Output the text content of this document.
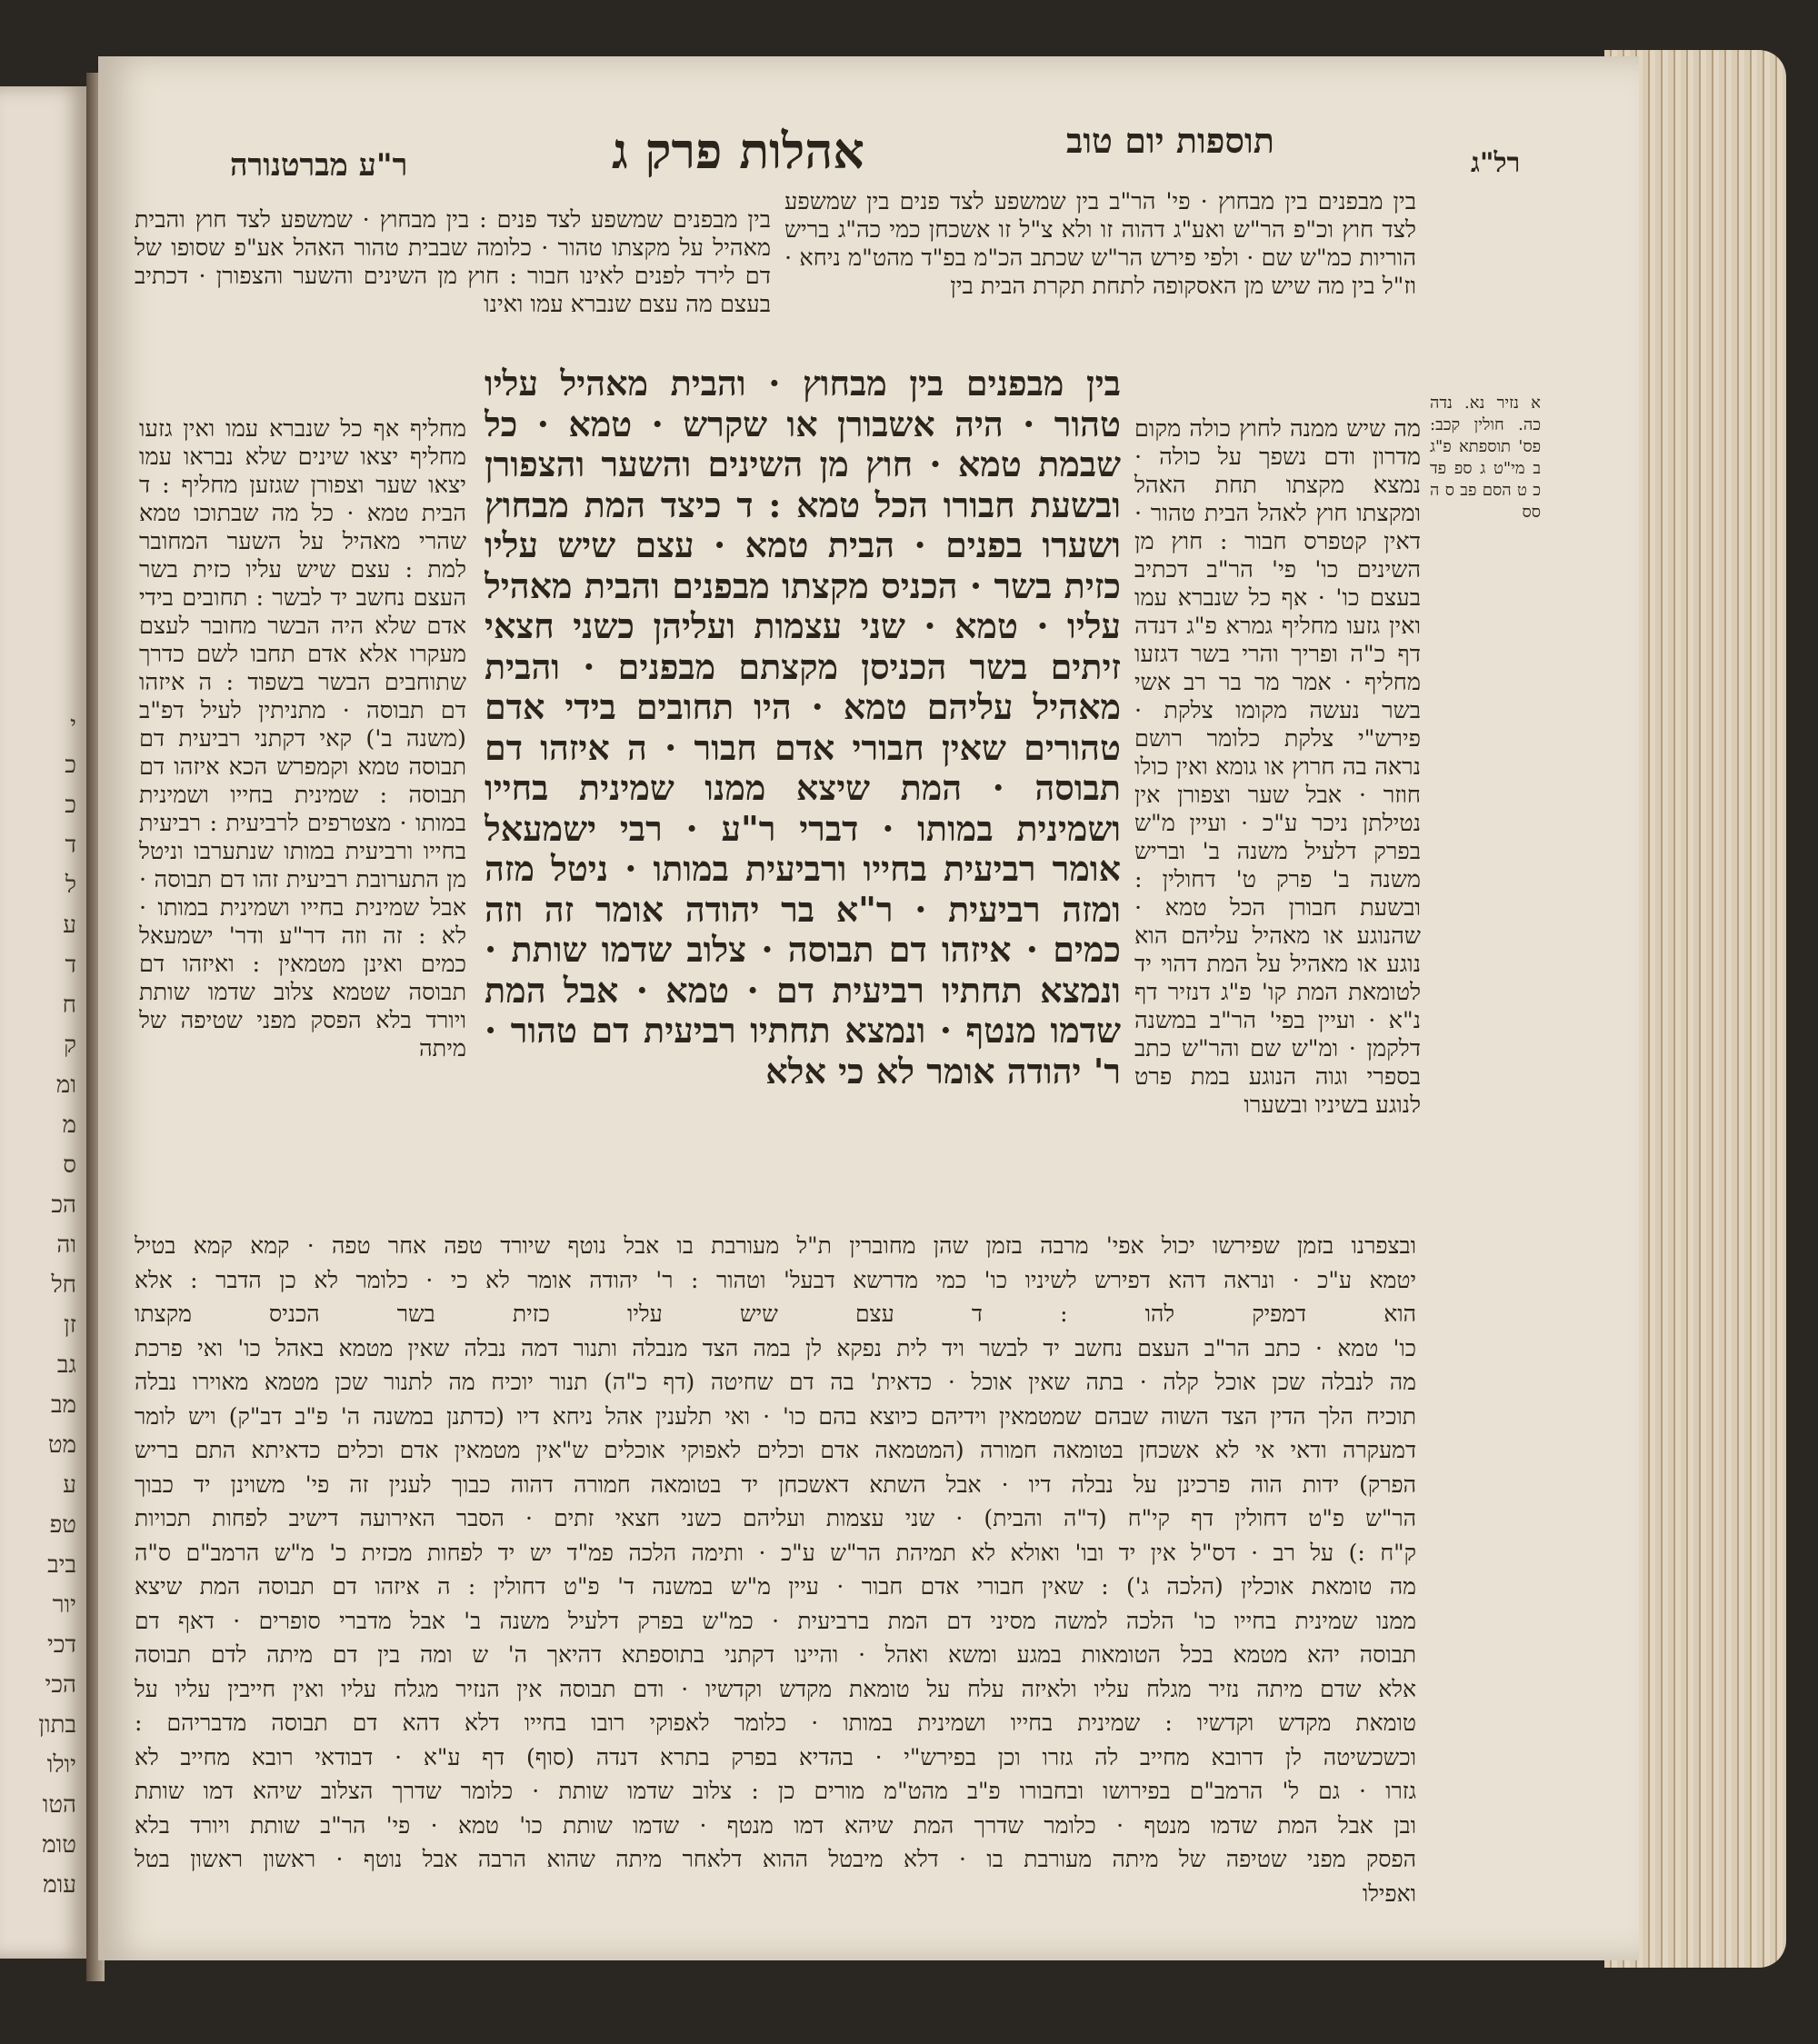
י
כ
כ
ד
ל
ע
ד
ח
ק
ומ
מ
ס
הכ
וה
חל
זן
גב
מב
מט
ע
טפ
ביב
יור
דכי
הכי
בתון
יולו
הטו
טומ
עומ
רל"ג
תוספות יום טוב
אהלות פרק ג
ר"ע מברטנורה
א נזיר נא. נדה כה. חולין קכב: פס' תוספתא פ"ג ב מי"ט ג ספ פד כ ט הסם פב ס ה סס
בין מבפנים שמשפע לצד פנים : בין מבחוץ · שמשפע לצד חוץ והבית מאהיל על מקצתו טהור · כלומה שבבית טהור האהל אע"פ שסופו של דם לירד לפנים לאינו חבור : חוץ מן השינים והשער והצפורן · דכתיב בעצם מה עצם שנברא עמו ואינו
בין מבפנים בין מבחוץ · פי' הר"ב בין שמשפע לצד פנים בין שמשפע לצד חוץ וכ"פ הר"ש ואע"ג דהוה זו ולא צ"ל זו אשכחן כמי כה"ג בריש הוריות כמ"ש שם · ולפי פירש הר"ש שכתב הכ"מ בפ"ד מהט"מ ניחא · וז"ל בין מה שיש מן האסקופה לתחת תקרת הבית בין
בין מבפנים בין מבחוץ · והבית מאהיל עליו טהור · היה אשבורן או שקרש · טמא · כל שבמת טמא · חוץ מן השינים והשער והצפורן ובשעת חבורו הכל טמא : ד כיצד המת מבחוץ ושערו בפנים · הבית טמא · עצם שיש עליו כזית בשר · הכניס מקצתו מבפנים והבית מאהיל עליו · טמא · שני עצמות ועליהן כשני חצאי זיתים בשר הכניסן מקצתם מבפנים · והבית מאהיל עליהם טמא · היו תחובים בידי אדם טהורים שאין חבורי אדם חבור · ה איזהו דם תבוסה · המת שיצא ממנו שמינית בחייו ושמינית במותו · דברי ר"ע · רבי ישמעאל אומר רביעית בחייו ורביעית במותו · ניטל מזה ומזה רביעית · ר"א בר יהודה אומר זה וזה כמים · איזהו דם תבוסה · צלוב שדמו שותת · ונמצא תחתיו רביעית דם · טמא · אבל המת שדמו מנטף · ונמצא תחתיו רביעית דם טהור · ר' יהודה אומר לא כי אלא
מחליף אף כל שנברא עמו ואין גזעו מחליף יצאו שינים שלא נבראו עמו יצאו שער וצפורן שגזען מחליף : ד הבית טמא · כל מה שבתוכו טמא שהרי מאהיל על השער המחובר למת : עצם שיש עליו כזית בשר העצם נחשב יד לבשר : תחובים בידי אדם שלא היה הבשר מחובר לעצם מעקרו אלא אדם תחבו לשם כדרך שתוחבים הבשר בשפוד : ה איזהו דם תבוסה · מתניתין לעיל דפ"ב (משנה ב') קאי דקתני רביעית דם תבוסה טמא וקמפרש הכא איזהו דם תבוסה : שמינית בחייו ושמינית במותו · מצטרפים לרביעית : רביעית בחייו ורביעית במותו שנתערבו וניטל מן התערובת רביעית זהו דם תבוסה · אבל שמינית בחייו ושמינית במותו · לא : זה וזה דר"ע ודר' ישמעאל כמים ואינן מטמאין : ואיזהו דם תבוסה שטמא צלוב שדמו שותת ויורד בלא הפסק מפני שטיפה של מיתה
מה שיש ממנה לחוץ כולה מקום מדרון ודם נשפך על כולה · נמצא מקצתו תחת האהל ומקצתו חוץ לאהל הבית טהור · דאין קטפרס חבור : חוץ מן השינים כו' פי' הר"ב דכתיב בעצם כו' · אף כל שנברא עמו ואין גזעו מחליף גמרא פ"ג דנדה דף כ"ה ופריך והרי בשר דגזעו מחליף · אמר מר בר רב אשי בשר נעשה מקומו צלקת · פירש"י צלקת כלומר רושם נראה בה חרוץ או גומא ואין כולו חוזר · אבל שער וצפורן אין נטילתן ניכר ע"כ · ועיין מ"ש בפרק דלעיל משנה ב' ובריש משנה ב' פרק ט' דחולין : ובשעת חבורן הכל טמא · שהנוגע או מאהיל עליהם הוא נוגע או מאהיל על המת דהוי יד לטומאת המת קו' פ"ג דנזיר דף נ"א · ועיין בפי' הר"ב במשנה דלקמן · ומ"ש שם והר"ש כתב בספרי וגוה הנוגע במת פרט לנוגע בשיניו ובשערו
ובצפרנו בזמן שפירשו יכול אפי' מרבה בזמן שהן מחוברין ת"ל מעורבת בו אבל נוטף שיורד טפה אחר טפה · קמא קמא בטיל
יטמא ע"כ · ונראה דהא דפירש לשיניו כו' כמי מדרשא דבעל' וטהור : ר' יהודה אומר לא כי · כלומר לא כן הדבר : אלא
הוא דמפיק להו : ד עצם שיש עליו כזית בשר הכניס מקצתו
כו' טמא · כתב הר"ב העצם נחשב יד לבשר ויד לית נפקא לן במה הצד מנבלה ותנור דמה נבלה שאין מטמא באהל כו' ואי פרכת
מה לנבלה שכן אוכל קלה · בתה שאין אוכל · כדאית' בה דם שחיטה (דף כ"ה) תנור יוכיח מה לתנור שכן מטמא מאוירו נבלה
תוכיח הלך הדין הצד השוה שבהם שמטמאין וידיהם כיוצא בהם כו' · ואי תלענין אהל ניחא דיו (כדתנן במשנה ה' פ"ב דב"ק) ויש לומר
דמעקרה ודאי אי לא אשכחן בטומאה חמורה (המטמאה אדם וכלים לאפוקי אוכלים ש"אין מטמאין אדם וכלים כדאיתא התם בריש
הפרק) ידות הוה פרכינן על נבלה דיו · אבל השתא דאשכחן יד בטומאה חמורה דהוה כבוך לענין זה פי' משוינן יד כבוך
הר"ש פ"ט דחולין דף קי"ח (ד"ה והבית) · שני עצמות ועליהם כשני חצאי זתים · הסבר האירועה דישיב לפחות תכויות
ק"ח :) על רב · דס"ל אין יד ובו' ואולא לא תמיהת הר"ש ע"כ · ותימה הלכה פמ"ד יש יד לפחות מכזית כ' מ"ש הרמב"ם ס"ה
מה טומאת אוכלין (הלכה ג') : שאין חבורי אדם חבור · עיין מ"ש במשנה ד' פ"ט דחולין : ה איזהו דם תבוסה המת שיצא
ממנו שמינית בחייו כו' הלכה למשה מסיני דם המת ברביעית · כמ"ש בפרק דלעיל משנה ב' אבל מדברי סופרים · דאף דם
תבוסה יהא מטמא בכל הטומאות במגע ומשא ואהל · והיינו דקתני בתוספתא דהיאך ה' ש ומה בין דם מיתה לדם תבוסה
אלא שדם מיתה נזיר מגלח עליו ולאיזה עלח על טומאת מקדש וקדשיו · ודם תבוסה אין הנזיר מגלח עליו ואין חייבין עליו על
טומאת מקדש וקדשיו : שמינית בחייו ושמינית במותו · כלומר לאפוקי רובו בחייו דלא דהא דם תבוסה מדבריהם :
וכשכשיטה לן דרובא מחייב לה גזרו וכן בפירש"י · בהדיא בפרק בתרא דנדה (סוף) דף ע"א · דבודאי רובא מחייב לא
גזרו · גם ל' הרמב"ם בפירושו ובחבורו פ"ב מהט"מ מורים כן : צלוב שדמו שותת · כלומר שדרך הצלוב שיהא דמו שותת
ובן אבל המת שדמו מנטף · כלומר שדרך המת שיהא דמו מנטף · שדמו שותת כו' טמא · פי' הר"ב שותת ויורד בלא
הפסק מפני שטיפה של מיתה מעורבת בו · דלא מיבטל ההוא דלאחר מיתה שהוא הרבה אבל נוטף · ראשון ראשון בטל
ואפילו
